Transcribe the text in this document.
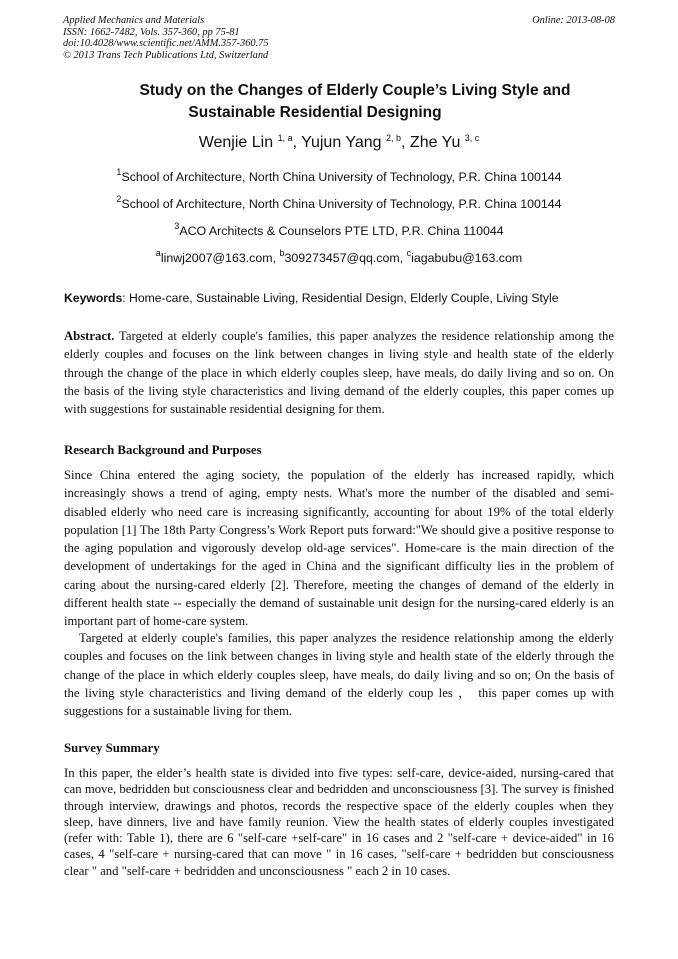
Applied Mechanics and Materials
ISSN: 1662-7482, Vols. 357-360, pp 75-81
doi:10.4028/www.scientific.net/AMM.357-360.75
© 2013 Trans Tech Publications Ltd, Switzerland
Online: 2013-08-08
Study on the Changes of Elderly Couple’s Living Style and
Sustainable Residential Designing
Wenjie Lin $^{1, a}$, Yujun Yang $^{2, b}$, Zhe Yu $^{3, c}$
$^1$School of Architecture, North China University of Technology, P.R. China 100144
$^2$School of Architecture, North China University of Technology, P.R. China 100144
$^3$ACO Architects & Counselors PTE LTD, P.R. China 110044
$^a$linwj2007@163.com, $^b$309273457@qq.com, $^c$iagabubu@163.com
Keywords: Home-care, Sustainable Living, Residential Design, Elderly Couple, Living Style
Abstract. Targeted at elderly couple's families, this paper analyzes the residence relationship among the elderly couples and focuses on the link between changes in living style and health state of the elderly through the change of the place in which elderly couples sleep, have meals, do daily living and so on. On the basis of the living style characteristics and living demand of the elderly couples, this paper comes up with suggestions for sustainable residential designing for them.
Research Background and Purposes
Since China entered the aging society, the population of the elderly has increased rapidly, which increasingly shows a trend of aging, empty nests. What's more the number of the disabled and semi-disabled elderly who need care is increasing significantly, accounting for about 19% of the total elderly population [1] The 18th Party Congress’s Work Report puts forward:"We should give a positive response to the aging population and vigorously develop old-age services". Home-care is the main direction of the development of undertakings for the aged in China and the significant difficulty lies in the problem of caring about the nursing-cared elderly [2]. Therefore, meeting the changes of demand of the elderly in different health state -- especially the demand of sustainable unit design for the nursing-cared elderly is an important part of home-care system.
Targeted at elderly couple's families, this paper analyzes the residence relationship among the elderly couples and focuses on the link between changes in living style and health state of the elderly through the change of the place in which elderly couples sleep, have meals, do daily living and so on; On the basis of the living style characteristics and living demand of the elderly coup les ， this paper comes up with suggestions for a sustainable living for them.
Survey Summary
In this paper, the elder’s health state is divided into five types: self-care, device-aided, nursing-cared that can move, bedridden but consciousness clear and bedridden and unconsciousness [3]. The survey is finished through interview, drawings and photos, records the respective space of the elderly couples when they sleep, have dinners, live and have family reunion. View the health states of elderly couples investigated (refer with: Table 1), there are 6 "self-care +self-care" in 16 cases and 2 "self-care + device-aided" in 16 cases, 4 "self-care + nursing-cared that can move " in 16 cases, "self-care + bedridden but consciousness clear " and "self-care + bedridden and unconsciousness " each 2 in 10 cases.
